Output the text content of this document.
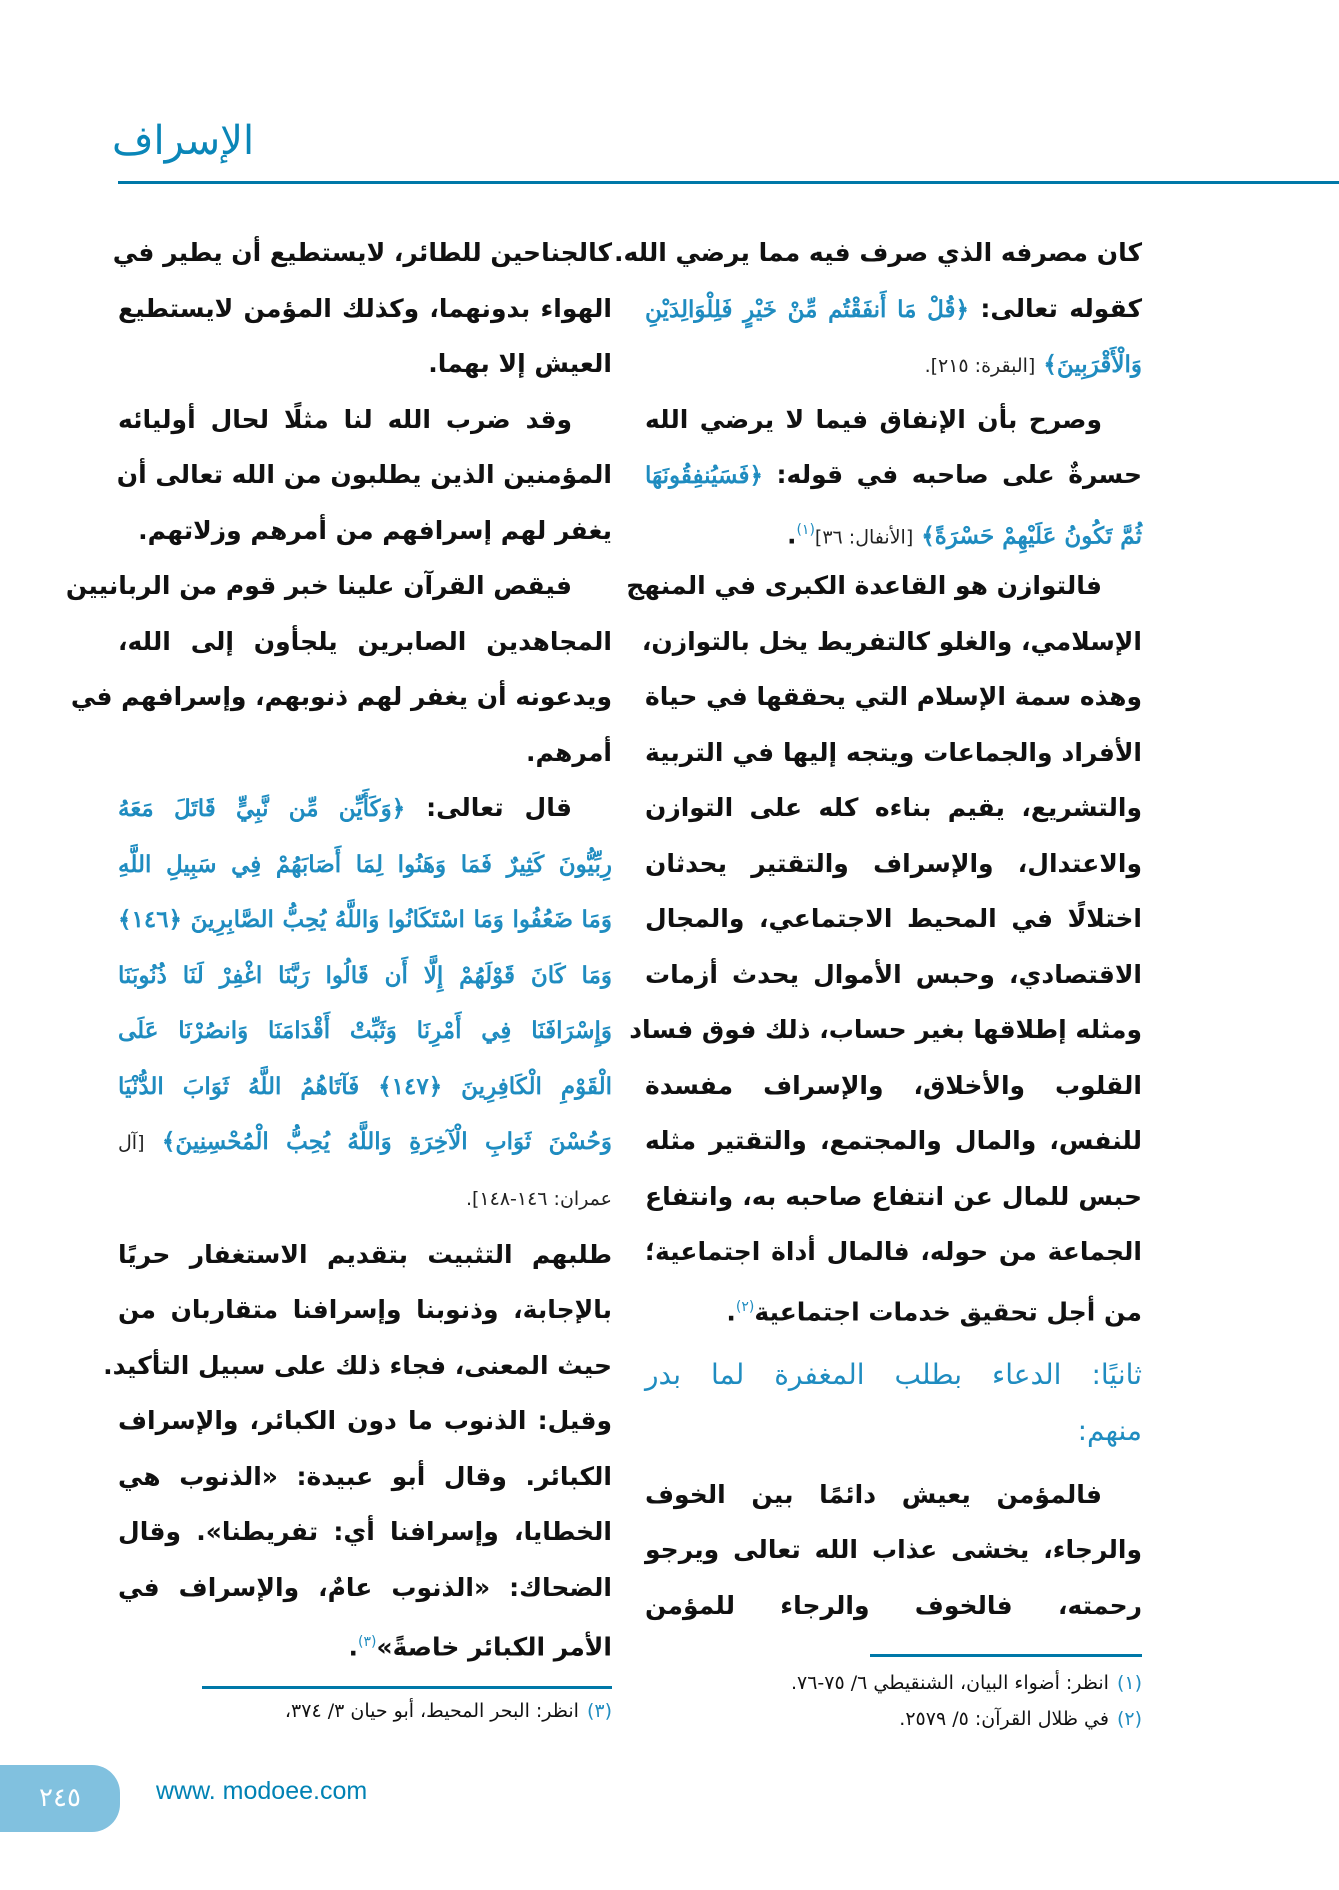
الإسراف
كان مصرفه الذي صرف فيه مما يرضي الله.
كقوله تعالى: ﴿قُلْ مَا أَنفَقْتُم مِّنْ خَيْرٍ فَلِلْوَالِدَيْنِ
وَالْأَقْرَبِينَ﴾ [البقرة: ٢١٥].
وصرح بأن الإنفاق فيما لا يرضي الله
حسرةٌ على صاحبه في قوله: ﴿فَسَيُنفِقُونَهَا
ثُمَّ تَكُونُ عَلَيْهِمْ حَسْرَةً﴾ [الأنفال: ٣٦]$^{(١)}$.
فالتوازن هو القاعدة الكبرى في المنهج
الإسلامي، والغلو كالتفريط يخل بالتوازن،
وهذه سمة الإسلام التي يحققها في حياة
الأفراد والجماعات ويتجه إليها في التربية
والتشريع، يقيم بناءه كله على التوازن
والاعتدال، والإسراف والتقتير يحدثان
اختلالًا في المحيط الاجتماعي، والمجال
الاقتصادي، وحبس الأموال يحدث أزمات
ومثله إطلاقها بغير حساب، ذلك فوق فساد
القلوب والأخلاق، والإسراف مفسدة
للنفس، والمال والمجتمع، والتقتير مثله
حبس للمال عن انتفاع صاحبه به، وانتفاع
الجماعة من حوله، فالمال أداة اجتماعية؛
من أجل تحقيق خدمات اجتماعية$^{(٢)}$.
ثانيًا: الدعاء بطلب المغفرة لما بدر
منهم:
فالمؤمن يعيش دائمًا بين الخوف
والرجاء، يخشى عذاب الله تعالى ويرجو
رحمته، فالخوف والرجاء للمؤمن
كالجناحين للطائر، لايستطيع أن يطير في
الهواء بدونهما، وكذلك المؤمن لايستطيع
العيش إلا بهما.
وقد ضرب الله لنا مثلًا لحال أوليائه
المؤمنين الذين يطلبون من الله تعالى أن
يغفر لهم إسرافهم من أمرهم وزلاتهم.
فيقص القرآن علينا خبر قوم من الربانيين
المجاهدين الصابرين يلجأون إلى الله،
ويدعونه أن يغفر لهم ذنوبهم، وإسرافهم في
أمرهم.
قال تعالى: ﴿وَكَأَيِّن مِّن نَّبِيٍّ قَاتَلَ مَعَهُ
رِبِّيُّونَ كَثِيرٌ فَمَا وَهَنُوا لِمَا أَصَابَهُمْ فِي سَبِيلِ اللَّهِ
وَمَا ضَعُفُوا وَمَا اسْتَكَانُوا وَاللَّهُ يُحِبُّ الصَّابِرِينَ ﴿١٤٦﴾
وَمَا كَانَ قَوْلَهُمْ إِلَّا أَن قَالُوا رَبَّنَا اغْفِرْ لَنَا ذُنُوبَنَا
وَإِسْرَافَنَا فِي أَمْرِنَا وَثَبِّتْ أَقْدَامَنَا وَانصُرْنَا عَلَى
الْقَوْمِ الْكَافِرِينَ ﴿١٤٧﴾ فَآتَاهُمُ اللَّهُ ثَوَابَ الدُّنْيَا
وَحُسْنَ ثَوَابِ الْآخِرَةِ وَاللَّهُ يُحِبُّ الْمُحْسِنِينَ﴾ [آل
عمران: ١٤٦-١٤٨].
طلبهم التثبيت بتقديم الاستغفار حريًا
بالإجابة، وذنوبنا وإسرافنا متقاربان من
حيث المعنى، فجاء ذلك على سبيل التأكيد.
وقيل: الذنوب ما دون الكبائر، والإسراف
الكبائر. وقال أبو عبيدة: «الذنوب هي
الخطايا، وإسرافنا أي: تفريطنا». وقال
الضحاك: «الذنوب عامٌ، والإسراف في
الأمر الكبائر خاصةً»$^{(٣)}$.
(١)انظر: أضواء البيان، الشنقيطي ٦/ ٧٥-٧٦.
(٢)في ظلال القرآن: ٥/ ٢٥٧٩.
(٣)انظر: البحر المحيط، أبو حيان ٣/ ٣٧٤،
٢٤٥	www. modoee.com
